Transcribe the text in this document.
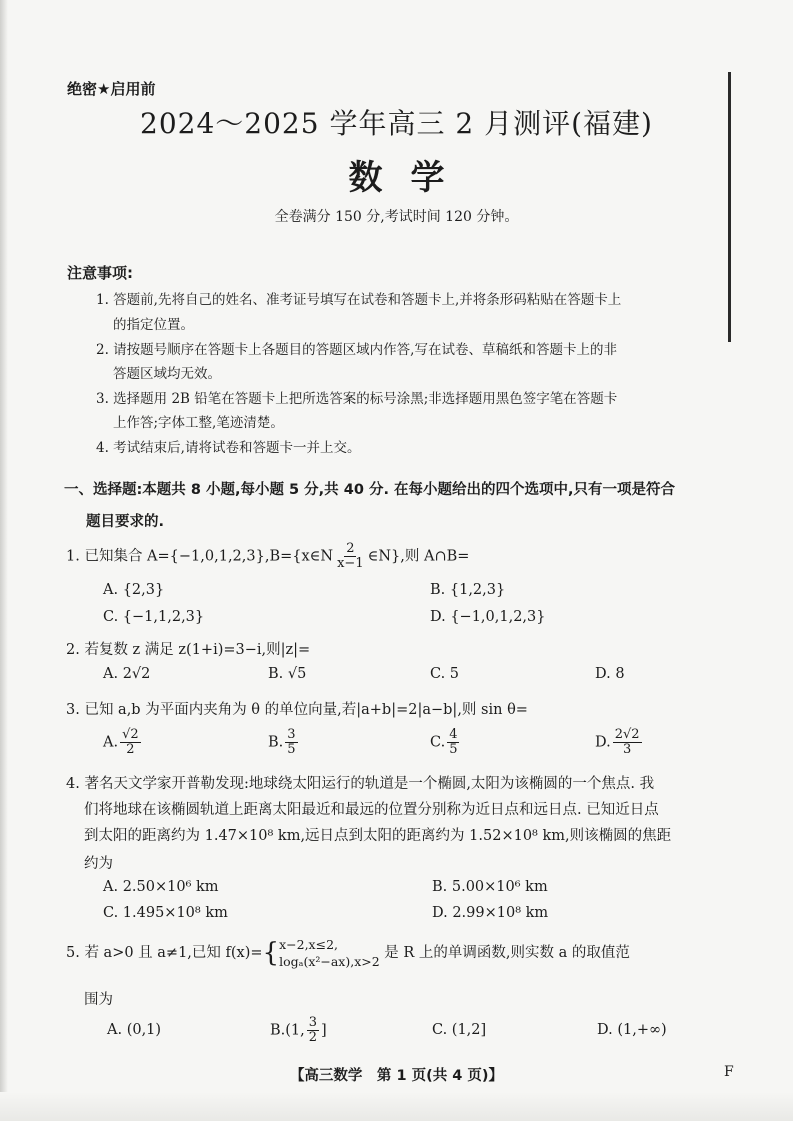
绝密★启用前
2024～2025 学年高三 2 月测评(福建)
数学
全卷满分 150 分,考试时间 120 分钟。
注意事项:
1. 答题前,先将自己的姓名、准考证号填写在试卷和答题卡上,并将条形码粘贴在答题卡上
的指定位置。
2. 请按题号顺序在答题卡上各题目的答题区域内作答,写在试卷、草稿纸和答题卡上的非
答题区域均无效。
3. 选择题用 2B 铅笔在答题卡上把所选答案的标号涂黑;非选择题用黑色签字笔在答题卡
上作答;字体工整,笔迹清楚。
4. 考试结束后,请将试卷和答题卡一并上交。
一、选择题:本题共 8 小题,每小题 5 分,共 40 分. 在每小题给出的四个选项中,只有一项是符合
题目要求的.
1. 已知集合 A={−1,0,1,2,3},B={x∈N $\frac{2}{x-1}$ ∈N},则 A∩B=
A. {2,3}	B. {1,2,3}
C. {−1,1,2,3}	D. {−1,0,1,2,3}
2. 若复数 z 满足 z(1+i)=3−i,则|z|=
A. 2√2	B. √5	C. 5	D. 8
3. 已知 a,b 为平面内夹角为 θ 的单位向量,若|a+b|=2|a−b|,则 sin θ=
A. $\frac{√2}{2}$	B. $\frac{3}{5}$	C. $\frac{4}{5}$	D. $\frac{2√2}{3}$
4. 著名天文学家开普勒发现:地球绕太阳运行的轨道是一个椭圆,太阳为该椭圆的一个焦点. 我
们将地球在该椭圆轨道上距离太阳最近和最远的位置分别称为近日点和远日点. 已知近日点
到太阳的距离约为 1.47×10⁸ km,远日点到太阳的距离约为 1.52×10⁸ km,则该椭圆的焦距
约为
A. 2.50×10⁶ km	B. 5.00×10⁶ km
C. 1.495×10⁸ km	D. 2.99×10⁸ km
5. 若 a>0 且 a≠1,已知 f(x)={ x−2,x≤2,
logₐ(x²−ax),x>2
是 R 上的单调函数,则实数 a 的取值范
围为
A. (0,1)	B.(1, $\frac{3}{2}$ ]	C. (1,2]	D. (1,+∞)
【高三数学　第 1 页(共 4 页)】	F
